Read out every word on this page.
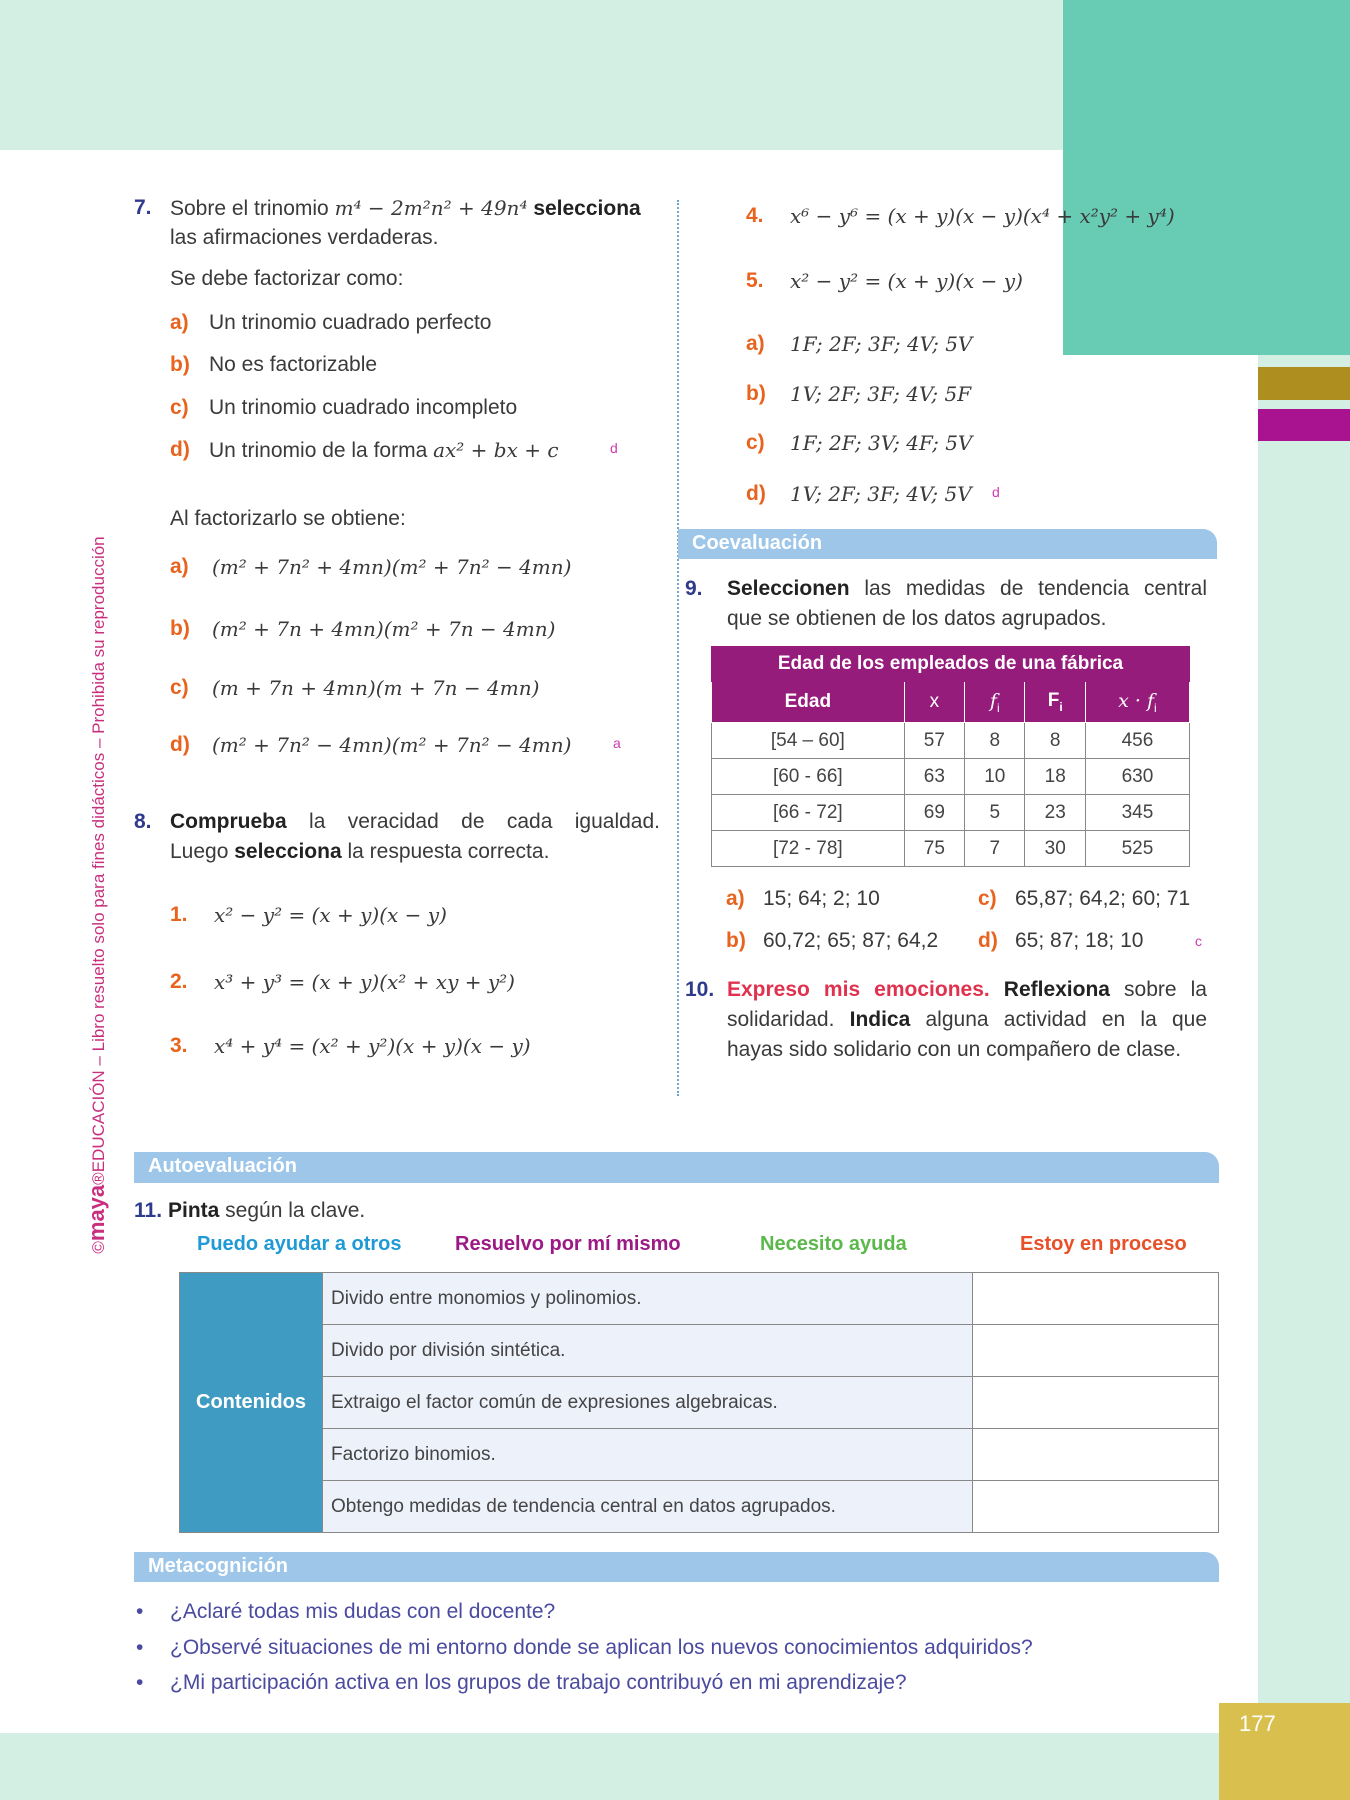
177
©maya®EDUCACIÓN – Libro resuelto solo para fines didácticos – Prohibida su reproducción
7. Sobre el trinomio m⁴ − 2m²n² + 49n⁴ selecciona
las afirmaciones verdaderas.
Se debe factorizar como:
a) Un trinomio cuadrado perfecto
b) No es factorizable
c) Un trinomio cuadrado incompleto
d) Un trinomio de la forma ax² + bx + c	d
Al factorizarlo se obtiene:
a) (m² + 7n² + 4mn)(m² + 7n² − 4mn)
b) (m² + 7n + 4mn)(m² + 7n − 4mn)
c) (m + 7n + 4mn)(m + 7n − 4mn)
d) (m² + 7n² − 4mn)(m² + 7n² − 4mn)	a
8. Comprueba la veracidad de cada igualdad.
Luego selecciona la respuesta correcta.
1. x² − y² = (x + y)(x − y)
2. x³ + y³ = (x + y)(x² + xy + y²)
3. x⁴ + y⁴ = (x² + y²)(x + y)(x − y)
4. x⁶ − y⁶ = (x + y)(x − y)(x⁴ + x²y² + y⁴)
5. x² − y² = (x + y)(x − y)
a) 1F; 2F; 3F; 4V; 5V
b) 1V; 2F; 3F; 4V; 5F
c) 1F; 2F; 3V; 4F; 5V
d) 1V; 2F; 3F; 4V; 5V d
Coevaluación
9. Seleccionen las medidas de tendencia central
que se obtienen de los datos agrupados.
Edad de los empleados de una fábrica				
Edad	x	$f_i$	$F_i$	$x \cdot f_i$
[54 – 60]	57	8	8	456
[60 - 66]	63	10	18	630
[66 - 72]	69	5	23	345
[72 - 78]	75	7	30	525
a) 15; 64; 2; 10
b) 60,72; 65; 87; 64,2
c) 65,87; 64,2; 60; 71
d) 65; 87; 18; 10	c
10. Expreso mis emociones. Reflexiona sobre la
solidaridad. Indica alguna actividad en la que
hayas sido solidario con un compañero de clase.
Autoevaluación
11. Pinta según la clave.
Puedo ayudar a otros	Resuelvo por mí mismo	Necesito ayuda	Estoy en proceso
Contenidos	Divido entre monomios y polinomios.	
	Divido por división sintética.	
	Extraigo el factor común de expresiones algebraicas.	
	Factorizo binomios.	
	Obtengo medidas de tendencia central en datos agrupados.	
Metacognición
• ¿Aclaré todas mis dudas con el docente?
• ¿Observé situaciones de mi entorno donde se aplican los nuevos conocimientos adquiridos?
• ¿Mi participación activa en los grupos de trabajo contribuyó en mi aprendizaje?
